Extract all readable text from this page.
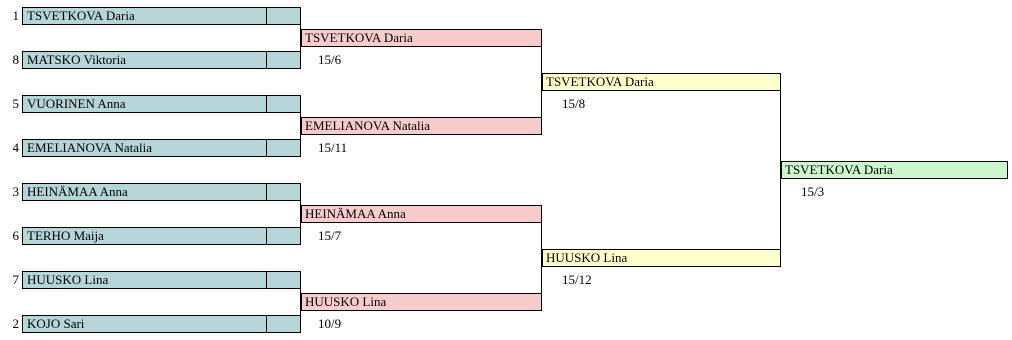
1 TSVETKOVA Daria
8 MATSKO Viktoria
5 VUORINEN Anna
4 EMELIANOVA Natalia
3 HEINÄMAA Anna
6 TERHO Maija
7 HUUSKO Lina
2 KOJO Sari
TSVETKOVA Daria
15/6
EMELIANOVA Natalia
15/11
HEINÄMAA Anna
15/7
HUUSKO Lina
10/9
TSVETKOVA Daria
15/8
HUUSKO Lina
15/12
TSVETKOVA Daria
15/3
